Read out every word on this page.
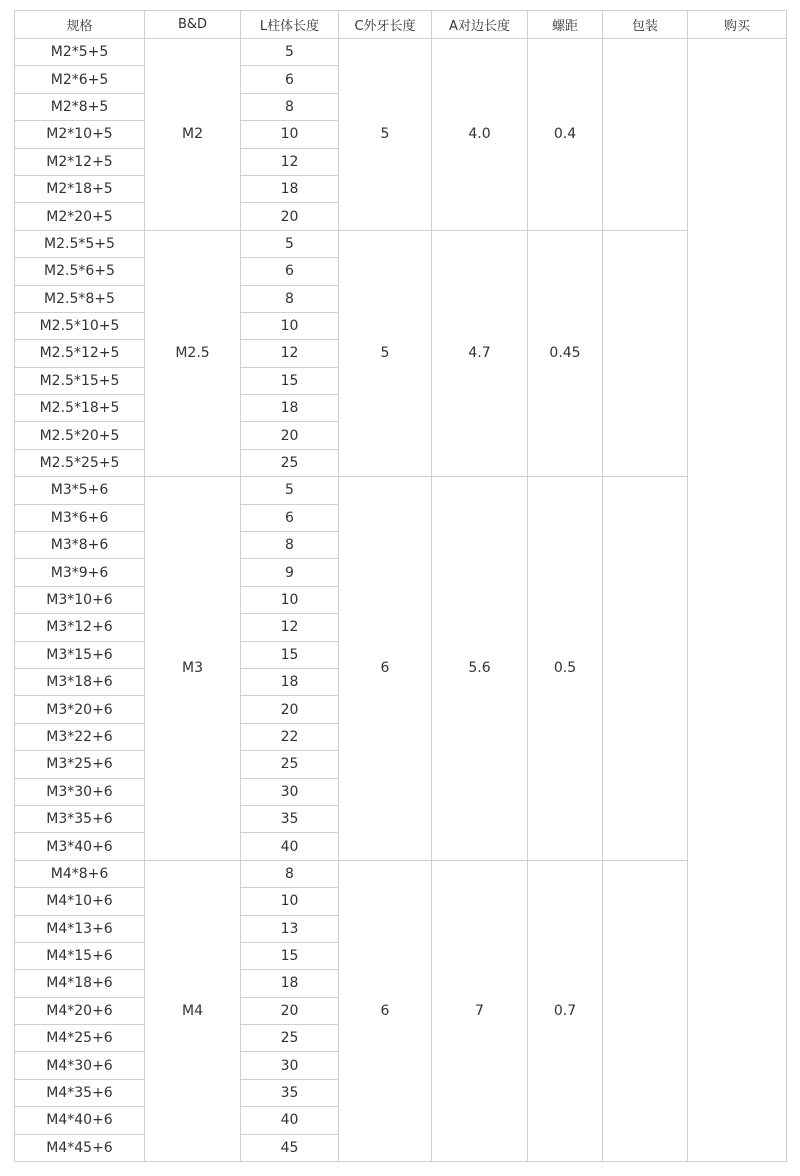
规格	B&D	L柱体长度	C外牙长度	A对边长度	螺距	包装	购买
M2*5+5	M2	5	5	4.0	0.4		
M2*6+5		6					
M2*8+5		8					
M2*10+5		10					
M2*12+5		12					
M2*18+5		18					
M2*20+5		20					
M2.5*5+5	M2.5	5	5	4.7	0.45		
M2.5*6+5		6					
M2.5*8+5		8					
M2.5*10+5		10					
M2.5*12+5		12					
M2.5*15+5		15					
M2.5*18+5		18					
M2.5*20+5		20					
M2.5*25+5		25					
M3*5+6	M3	5	6	5.6	0.5		
M3*6+6		6					
M3*8+6		8					
M3*9+6		9					
M3*10+6		10					
M3*12+6		12					
M3*15+6		15					
M3*18+6		18					
M3*20+6		20					
M3*22+6		22					
M3*25+6		25					
M3*30+6		30					
M3*35+6		35					
M3*40+6		40					
M4*8+6	M4	8	6	7	0.7		
M4*10+6		10					
M4*13+6		13					
M4*15+6		15					
M4*18+6		18					
M4*20+6		20					
M4*25+6		25					
M4*30+6		30					
M4*35+6		35					
M4*40+6		40					
M4*45+6		45					
